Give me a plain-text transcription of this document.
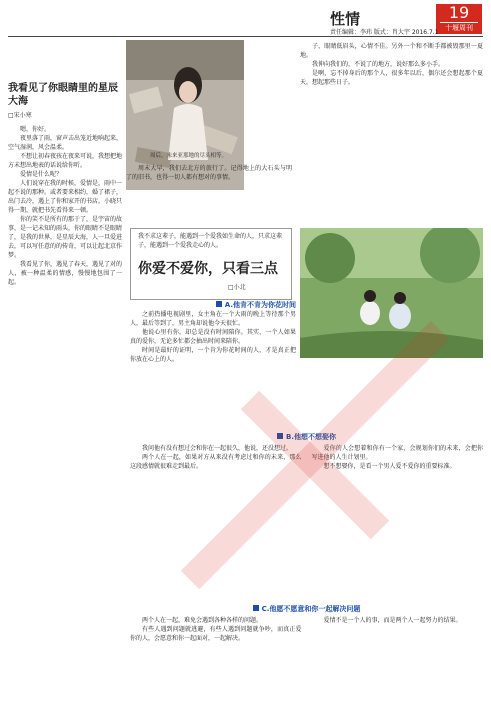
性情	19
十堰周刊
责任编辑：李玮 版式：肖大宇 2016.7.1
我看见了你眼睛里的星辰大海
□宋小寒

嗯，你好。

夜里落了雨，窗声击出笼近地响起来，空气湿润，风会温柔。

不想让初春夜孩在夜来可说，我想把地方未想出地表的话说给你听。

爱情是什么呢？

人们说穿在我的时候，爱情是，雨中一起不说的那种。或者要来相约，婚了裙子，出门去冷，遇上了你和家开的书店。小晓只得一期，就把书先看得来一顿。

你的笑不是所有的那于了，是宇宙的故事，是一记未知的雨头，你的眼睛不是眼睛了，是我的世界，是星辰大海，人一旦爱进去，可以写任意的的传奇，可以让起北京作梦。

我看见了你，遇见了春天，遇见了对的人，被一种温柔的情感，慢慢地包围了一起。

周后，未来亚那地的尽头相等。

子，眼睛低眉头，心情不佳。另外一个和不断手都被毁那里一夏地。

我伸向我们的，不说了的地方，说好那么多小手。

是啊，忘不掉身后的那个人，很多年以后，偶尔还会想起那个夏天，想起那些日子。

周末大早，我们去北方的旅行了。记得地上的大石头与明了的旧书，也得一切人都有想对的事情。

我不求这辈子，能遇到一个爱我如生命的人，只求这辈子，能遇到一个爱我走心的人。
你爱不爱你，只看三点
□小北
A.他肯不肯为你花时间

之前热播电视剧里，女主角在一个大雨的晚上等待那个男人，最后等到了，男主角却说他今天很忙。

他说心里有你，却总是没有时间陪你。其实，一个人如果真的爱你，无论多忙都会抽出时间来陪你。

时间是最好的证明，一个肯为你花时间的人，才是真正把你放在心上的人。

B.他想不想娶你

我问他有没有想过会和你在一起很久，他说，还没想过。

两个人在一起，如果对方从来没有考虑过和你的未来，那么这段感情就很难走到最后。

爱你的人会想着和你有一个家，会规划你们的未来，会把你写进他的人生计划里。

想不想娶你，是看一个男人爱不爱你的重要标准。

C.他愿不愿意和你一起解决问题

两个人在一起，难免会遇到各种各样的问题。

有些人遇到问题就逃避，有些人遇到问题就争吵，而真正爱你的人，会愿意和你一起面对，一起解决。

爱情不是一个人的事，而是两个人一起努力的结果。
